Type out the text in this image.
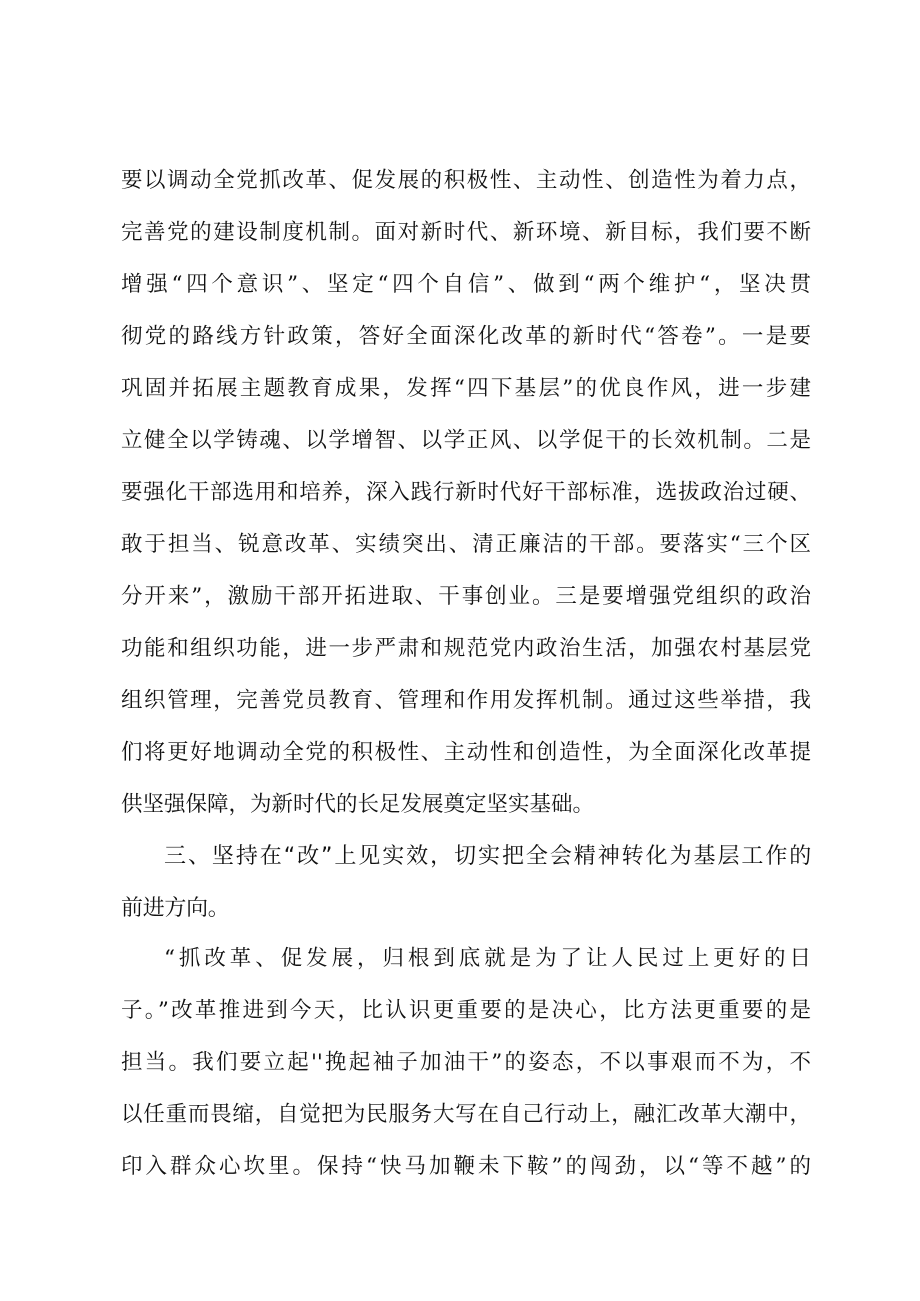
要以调动全党抓改革、促发展的积极性、主动性、创造性为着力点，
完善党的建设制度机制。面对新时代、新环境、新目标，我们要不断
增强“四个意识”、坚定“四个自信”、做到“两个维护“，坚决贯
彻党的路线方针政策，答好全面深化改革的新时代“答卷”。一是要
巩固并拓展主题教育成果，发挥“四下基层”的优良作风，进一步建
立健全以学铸魂、以学增智、以学正风、以学促干的长效机制。二是
要强化干部选用和培养，深入践行新时代好干部标准，选拔政治过硬、
敢于担当、锐意改革、实绩突出、清正廉洁的干部。要落实“三个区
分开来”，激励干部开拓进取、干事创业。三是要增强党组织的政治
功能和组织功能，进一步严肃和规范党内政治生活，加强农村基层党
组织管理，完善党员教育、管理和作用发挥机制。通过这些举措，我
们将更好地调动全党的积极性、主动性和创造性，为全面深化改革提
供坚强保障，为新时代的长足发展奠定坚实基础。
三、坚持在“改”上见实效，切实把全会精神转化为基层工作的
前进方向。
“抓改革、促发展，归根到底就是为了让人民过上更好的日
子。”改革推进到今天，比认识更重要的是决心，比方法更重要的是
担当。我们要立起''挽起袖子加油干”的姿态，不以事艰而不为，不
以任重而畏缩，自觉把为民服务大写在自己行动上，融汇改革大潮中，
印入群众心坎里。保持“快马加鞭未下鞍”的闯劲，以“等不越”的
